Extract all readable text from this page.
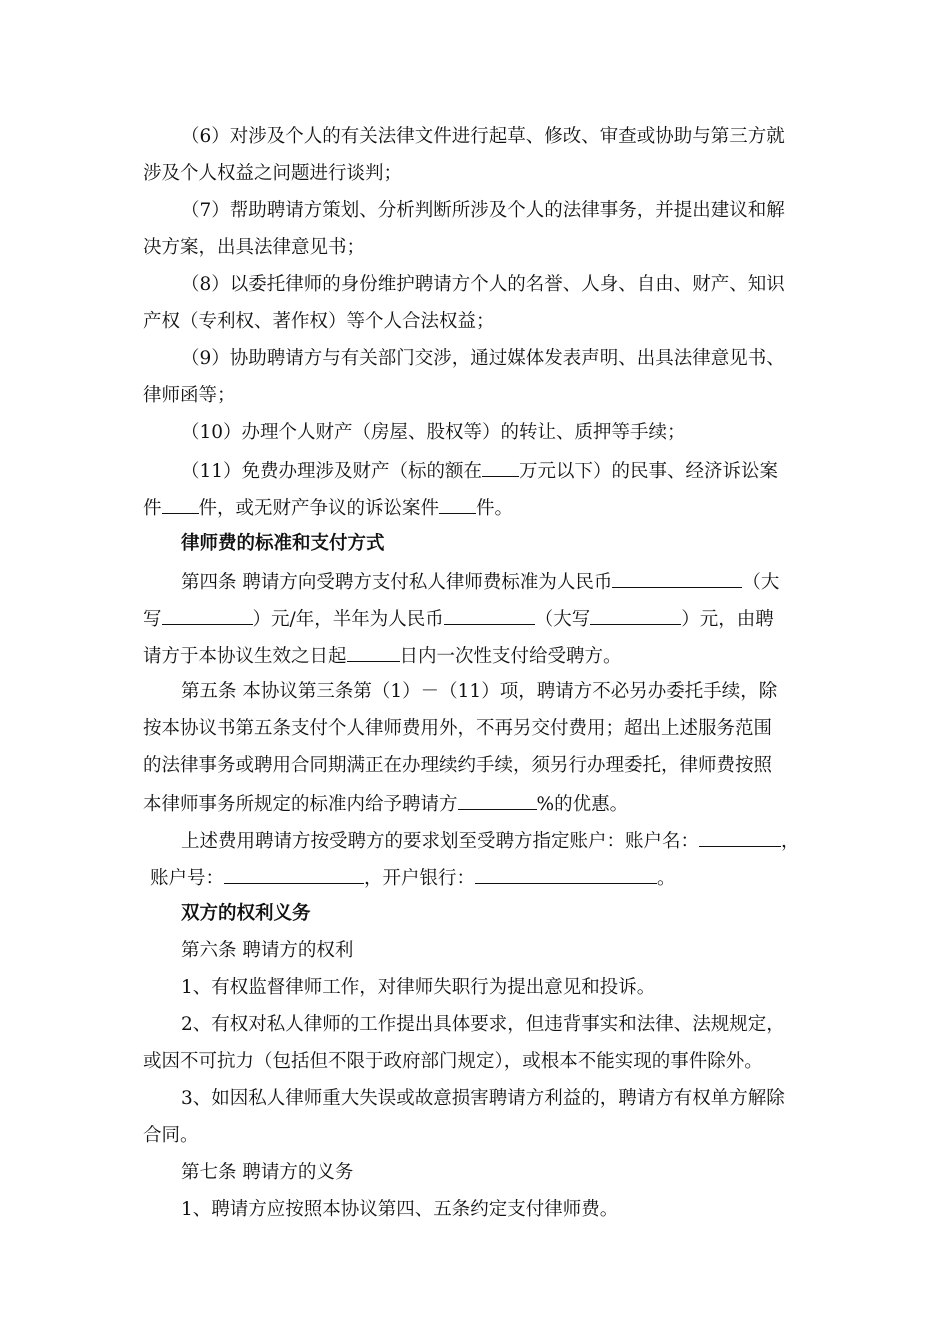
（6）对涉及个人的有关法律文件进行起草、修改、审查或协助与第三方就
涉及个人权益之问题进行谈判；
（7）帮助聘请方策划、分析判断所涉及个人的法律事务，并提出建议和解
决方案，出具法律意见书；
（8）以委托律师的身份维护聘请方个人的名誉、人身、自由、财产、知识
产权（专利权、著作权）等个人合法权益；
（9）协助聘请方与有关部门交涉，通过媒体发表声明、出具法律意见书、
律师函等；
（10）办理个人财产（房屋、股权等）的转让、质押等手续；
（11）免费办理涉及财产（标的额在 万元以下）的民事、经济诉讼案
件 件，或无财产争议的诉讼案件 件。
律师费的标准和支付方式
第四条 聘请方向受聘方支付私人律师费标准为人民币	（大
写	）元/年，半年为人民币	（大写	）元，由聘
请方于本协议生效之日起	日内一次性支付给受聘方。
第五条 本协议第三条第（1）－（11）项，聘请方不必另办委托手续，除
按本协议书第五条支付个人律师费用外，不再另交付费用；超出上述服务范围
的法律事务或聘用合同期满正在办理续约手续，须另行办理委托，律师费按照
本律师事务所规定的标准内给予聘请方	%的优惠。
上述费用聘请方按受聘方的要求划至受聘方指定账户：账户名：	，
账户号：	，开户银行：	。
双方的权利义务
第六条 聘请方的权利
1、有权监督律师工作，对律师失职行为提出意见和投诉。
2、有权对私人律师的工作提出具体要求，但违背事实和法律、法规规定，
或因不可抗力（包括但不限于政府部门规定），或根本不能实现的事件除外。
3、如因私人律师重大失误或故意损害聘请方利益的，聘请方有权单方解除
合同。
第七条 聘请方的义务
1、聘请方应按照本协议第四、五条约定支付律师费。
